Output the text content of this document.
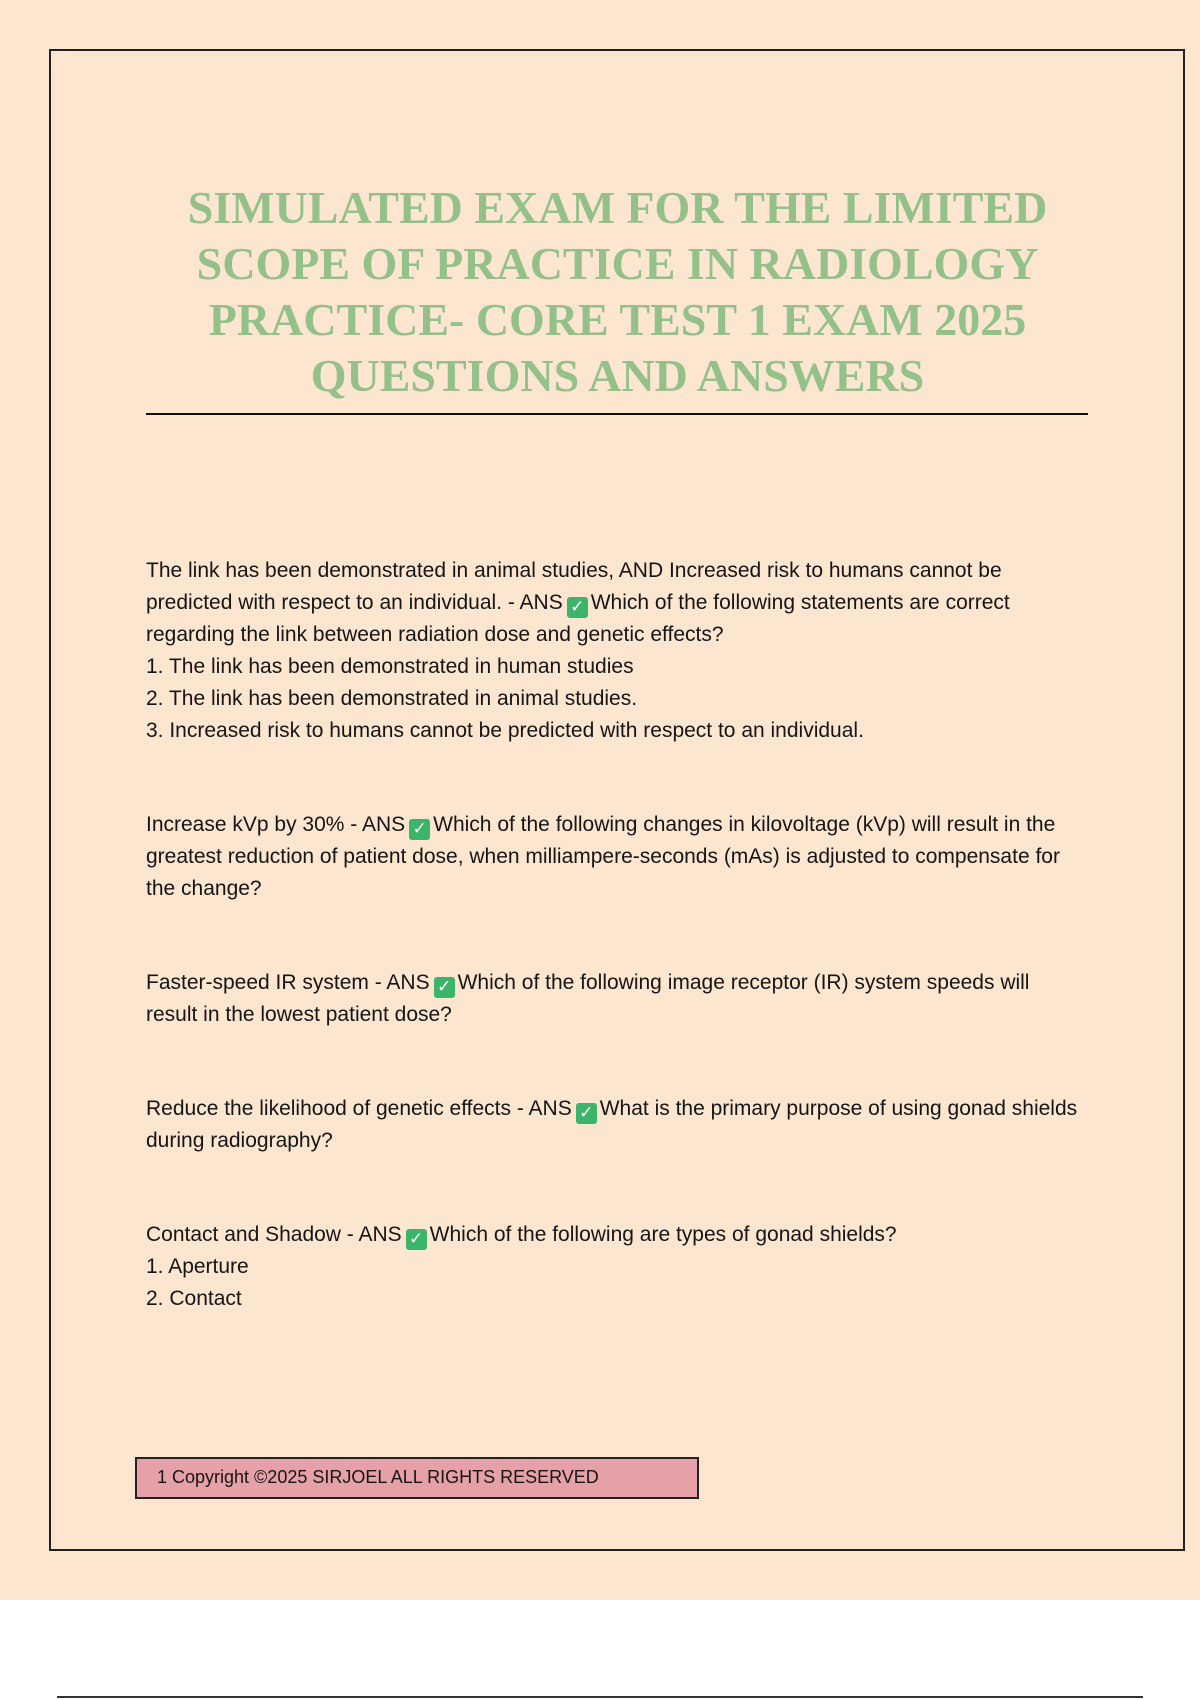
SIMULATED EXAM FOR THE LIMITED SCOPE OF PRACTICE IN RADIOLOGY PRACTICE- CORE TEST 1 EXAM 2025 QUESTIONS AND ANSWERS

The link has been demonstrated in animal studies, AND Increased risk to humans cannot be predicted with respect to an individual. - ANS ✓ Which of the following statements are correct regarding the link between radiation dose and genetic effects?

1. The link has been demonstrated in human studies

2. The link has been demonstrated in animal studies.

3. Increased risk to humans cannot be predicted with respect to an individual.

Increase kVp by 30% - ANS ✓ Which of the following changes in kilovoltage (kVp) will result in the greatest reduction of patient dose, when milliampere-seconds (mAs) is adjusted to compensate for the change?

Faster-speed IR system - ANS ✓ Which of the following image receptor (IR) system speeds will result in the lowest patient dose?

Reduce the likelihood of genetic effects - ANS ✓ What is the primary purpose of using gonad shields during radiography?

Contact and Shadow - ANS ✓ Which of the following are types of gonad shields?

1. Aperture

2. Contact

1 Copyright ©2025 SIRJOEL ALL RIGHTS RESERVED
